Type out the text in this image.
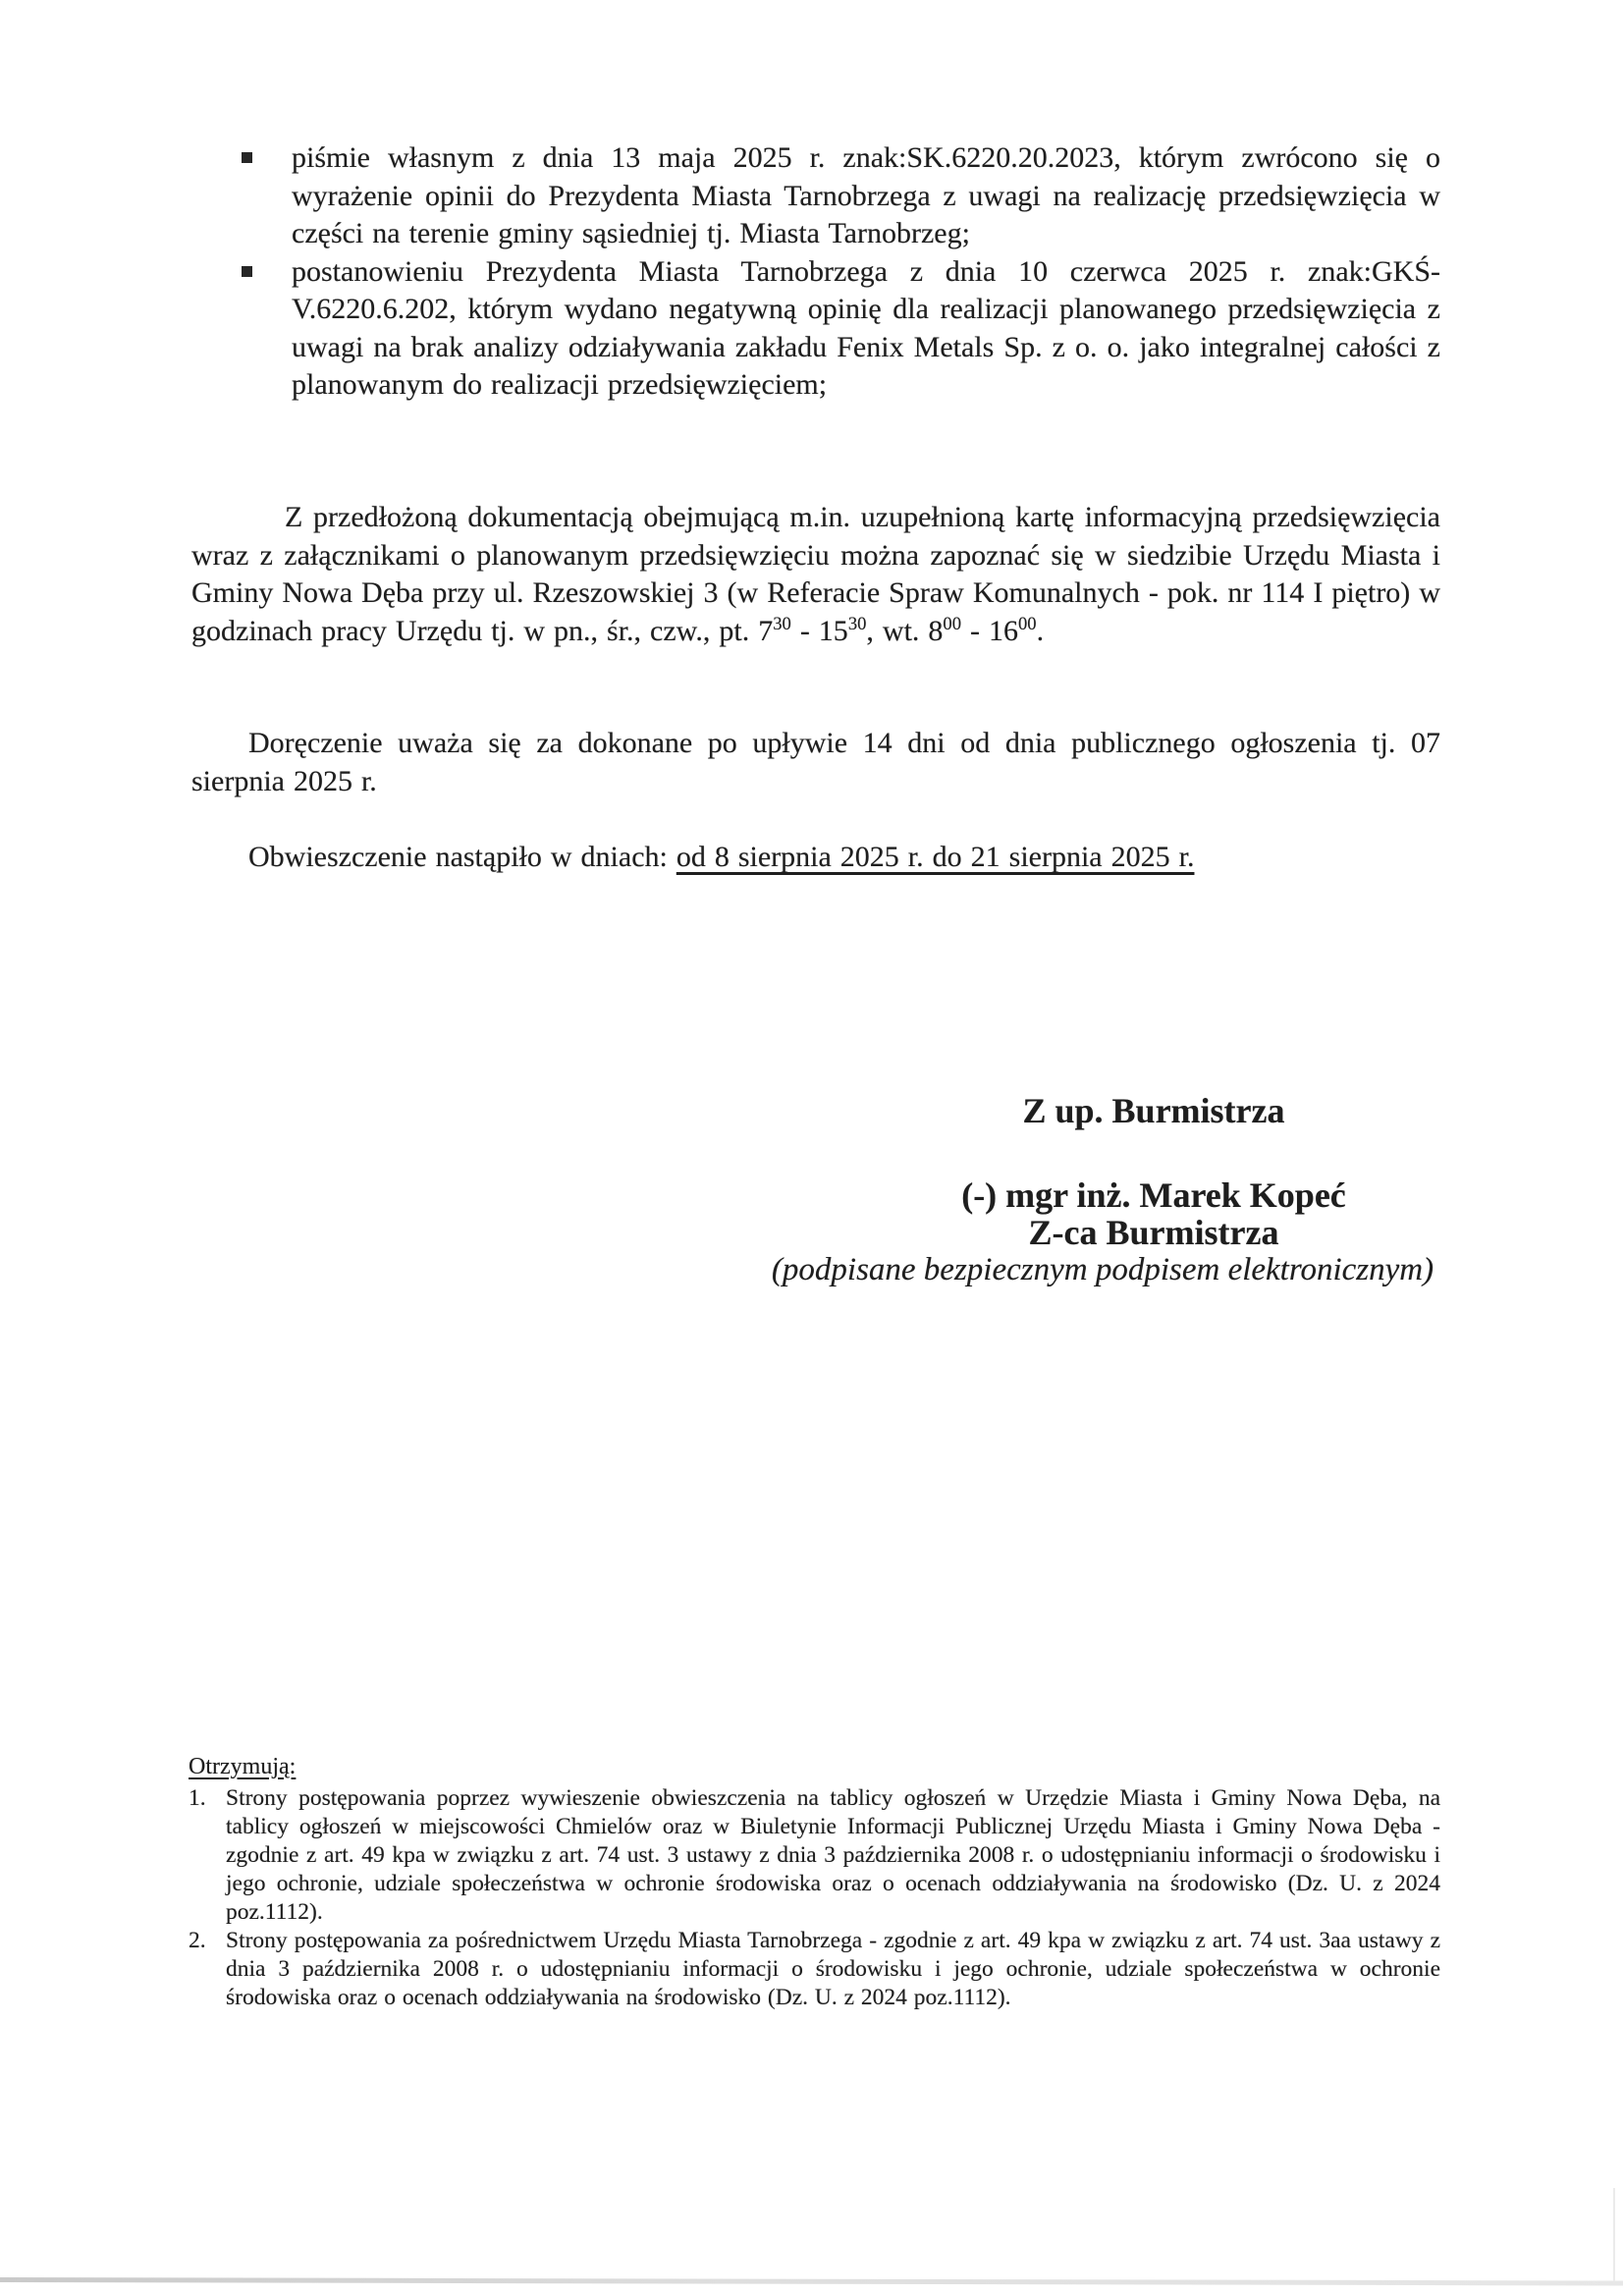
piśmie własnym z dnia 13 maja 2025 r. znak:SK.6220.20.2023, którym zwrócono się o wyrażenie opinii do Prezydenta Miasta Tarnobrzega z uwagi na realizację przedsięwzięcia w części na terenie gminy sąsiedniej tj. Miasta Tarnobrzeg;
postanowieniu Prezydenta Miasta Tarnobrzega z dnia 10 czerwca 2025 r. znak:GKŚ-V.6220.6.202, którym wydano negatywną opinię dla realizacji planowanego przedsięwzięcia z uwagi na brak analizy odziaływania zakładu Fenix Metals Sp. z o. o. jako integralnej całości z planowanym do realizacji przedsięwzięciem;

Z przedłożoną dokumentacją obejmującą m.in. uzupełnioną kartę informacyjną przedsięwzięcia wraz z załącznikami o planowanym przedsięwzięciu można zapoznać się w siedzibie Urzędu Miasta i Gminy Nowa Dęba przy ul. Rzeszowskiej 3 (w Referacie Spraw Komunalnych - pok. nr 114 I piętro) w godzinach pracy Urzędu tj. w pn., śr., czw., pt. $7^{30} - 15^{30}$, wt. $8^{00} - 16^{00}$.

Doręczenie uważa się za dokonane po upływie 14 dni od dnia publicznego ogłoszenia tj. 07 sierpnia 2025 r.

Obwieszczenie nastąpiło w dniach: od 8 sierpnia 2025 r. do 21 sierpnia 2025 r.

Z up. Burmistrza
(-) mgr inż. Marek Kopeć
Z-ca Burmistrza
(podpisane bezpiecznym podpisem elektronicznym)
Otrzymują:
1. Strony postępowania poprzez wywieszenie obwieszczenia na tablicy ogłoszeń w Urzędzie Miasta i Gminy Nowa Dęba, na tablicy ogłoszeń w miejscowości Chmielów oraz w Biuletynie Informacji Publicznej Urzędu Miasta i Gminy Nowa Dęba - zgodnie z art. 49 kpa w związku z art. 74 ust. 3 ustawy z dnia 3 października 2008 r. o udostępnianiu informacji o środowisku i jego ochronie, udziale społeczeństwa w ochronie środowiska oraz o ocenach oddziaływania na środowisko (Dz. U. z 2024 poz.1112).
2. Strony postępowania za pośrednictwem Urzędu Miasta Tarnobrzega - zgodnie z art. 49 kpa w związku z art. 74 ust. 3aa ustawy z dnia 3 października 2008 r. o udostępnianiu informacji o środowisku i jego ochronie, udziale społeczeństwa w ochronie środowiska oraz o ocenach oddziaływania na środowisko (Dz. U. z 2024 poz.1112).
